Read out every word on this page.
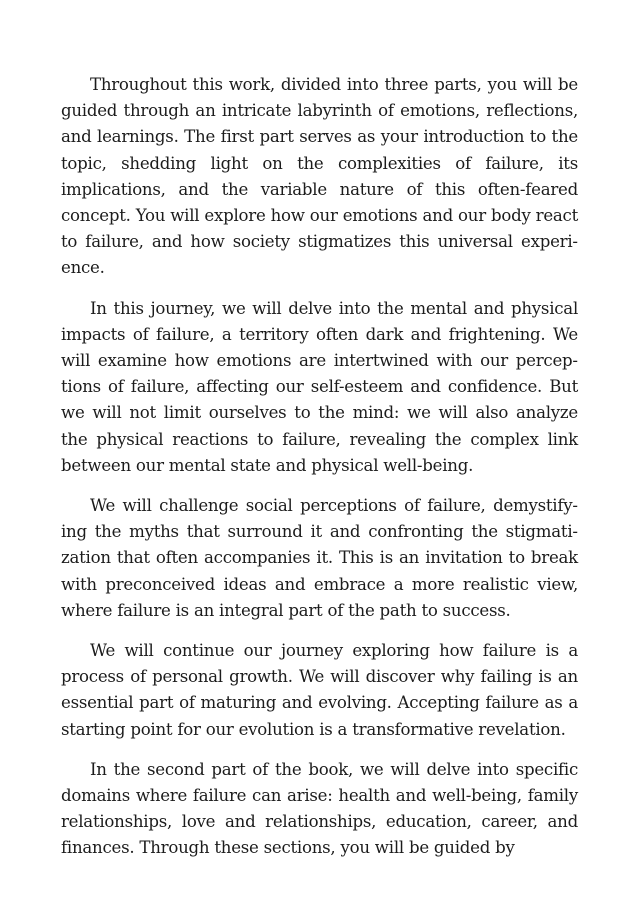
Throughout this work, divided into three parts, you will be guided through an intricate labyrinth of emotions, reflections, and learnings. The first part serves as your introduction to the topic, shedding light on the complexities of failure, its implications, and the variable nature of this often-feared concept. You will explore how our emotions and our body react to failure, and how society stigmatizes this universal experience.

In this journey, we will delve into the mental and physical impacts of failure, a territory often dark and frightening. We will examine how emotions are intertwined with our perceptions of failure, affecting our self-esteem and confidence. But we will not limit ourselves to the mind: we will also analyze the physical reactions to failure, revealing the complex link between our mental state and physical well-being.

We will challenge social perceptions of failure, demystifying the myths that surround it and confronting the stigmatization that often accompanies it. This is an invitation to break with preconceived ideas and embrace a more realistic view, where failure is an integral part of the path to success.

We will continue our journey exploring how failure is a process of personal growth. We will discover why failing is an essential part of maturing and evolving. Accepting failure as a starting point for our evolution is a transformative revelation.

In the second part of the book, we will delve into specific domains where failure can arise: health and well-being, family relationships, love and relationships, education, career, and finances. Through these sections, you will be guided by
